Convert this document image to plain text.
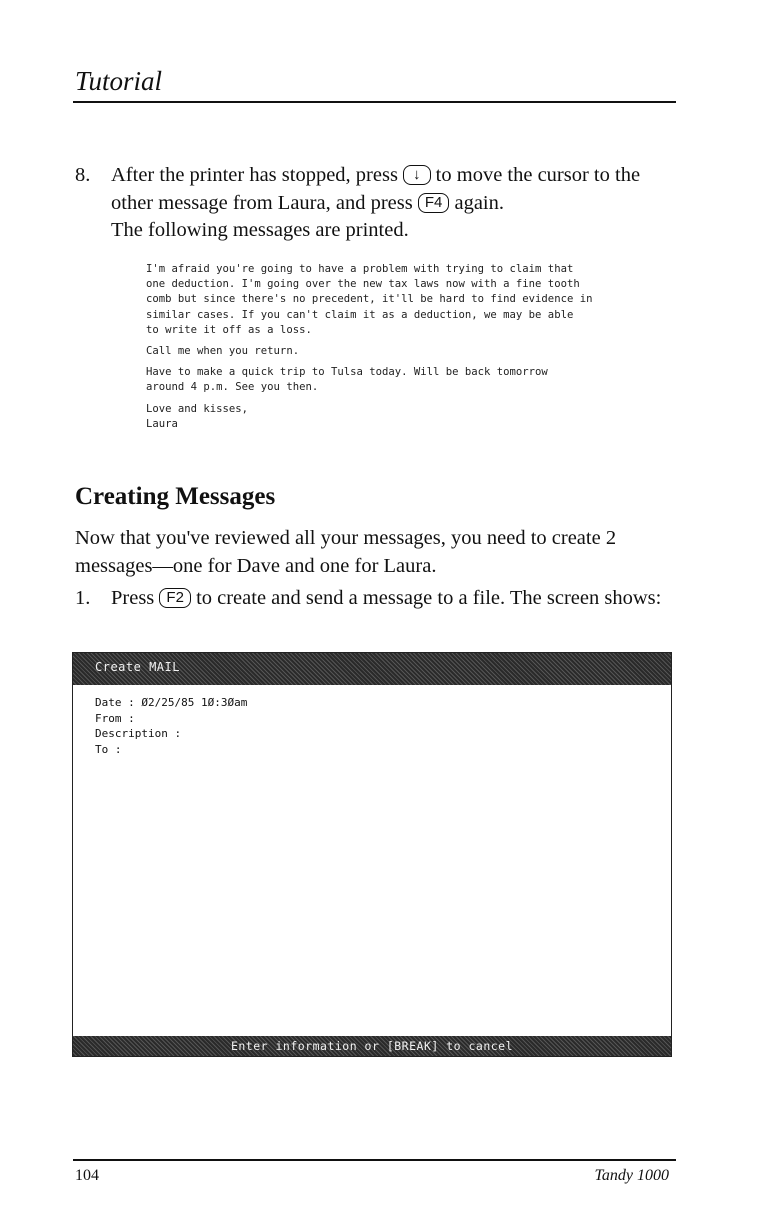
Tutorial
8. After the printer has stopped, press ↓ to move the cursor to the other message from Laura, and press F4 again.
The following messages are printed.
I'm afraid you're going to have a problem with trying to claim that
one deduction. I'm going over the new tax laws now with a fine tooth
comb but since there's no precedent, it'll be hard to find evidence in
similar cases. If you can't claim it as a deduction, we may be able
to write it off as a loss.
Call me when you return.
Have to make a quick trip to Tulsa today. Will be back tomorrow
around 4 p.m. See you then.
Love and kisses,
Laura
Creating Messages
Now that you've reviewed all your messages, you need to create 2 messages—one for Dave and one for Laura.
1. Press F2 to create and send a message to a file. The screen shows:
Create MAIL
Date : Ø2/25/85 1Ø:3Øam
From :
Description :
To :
Enter information or [BREAK] to cancel
104	Tandy 1000
